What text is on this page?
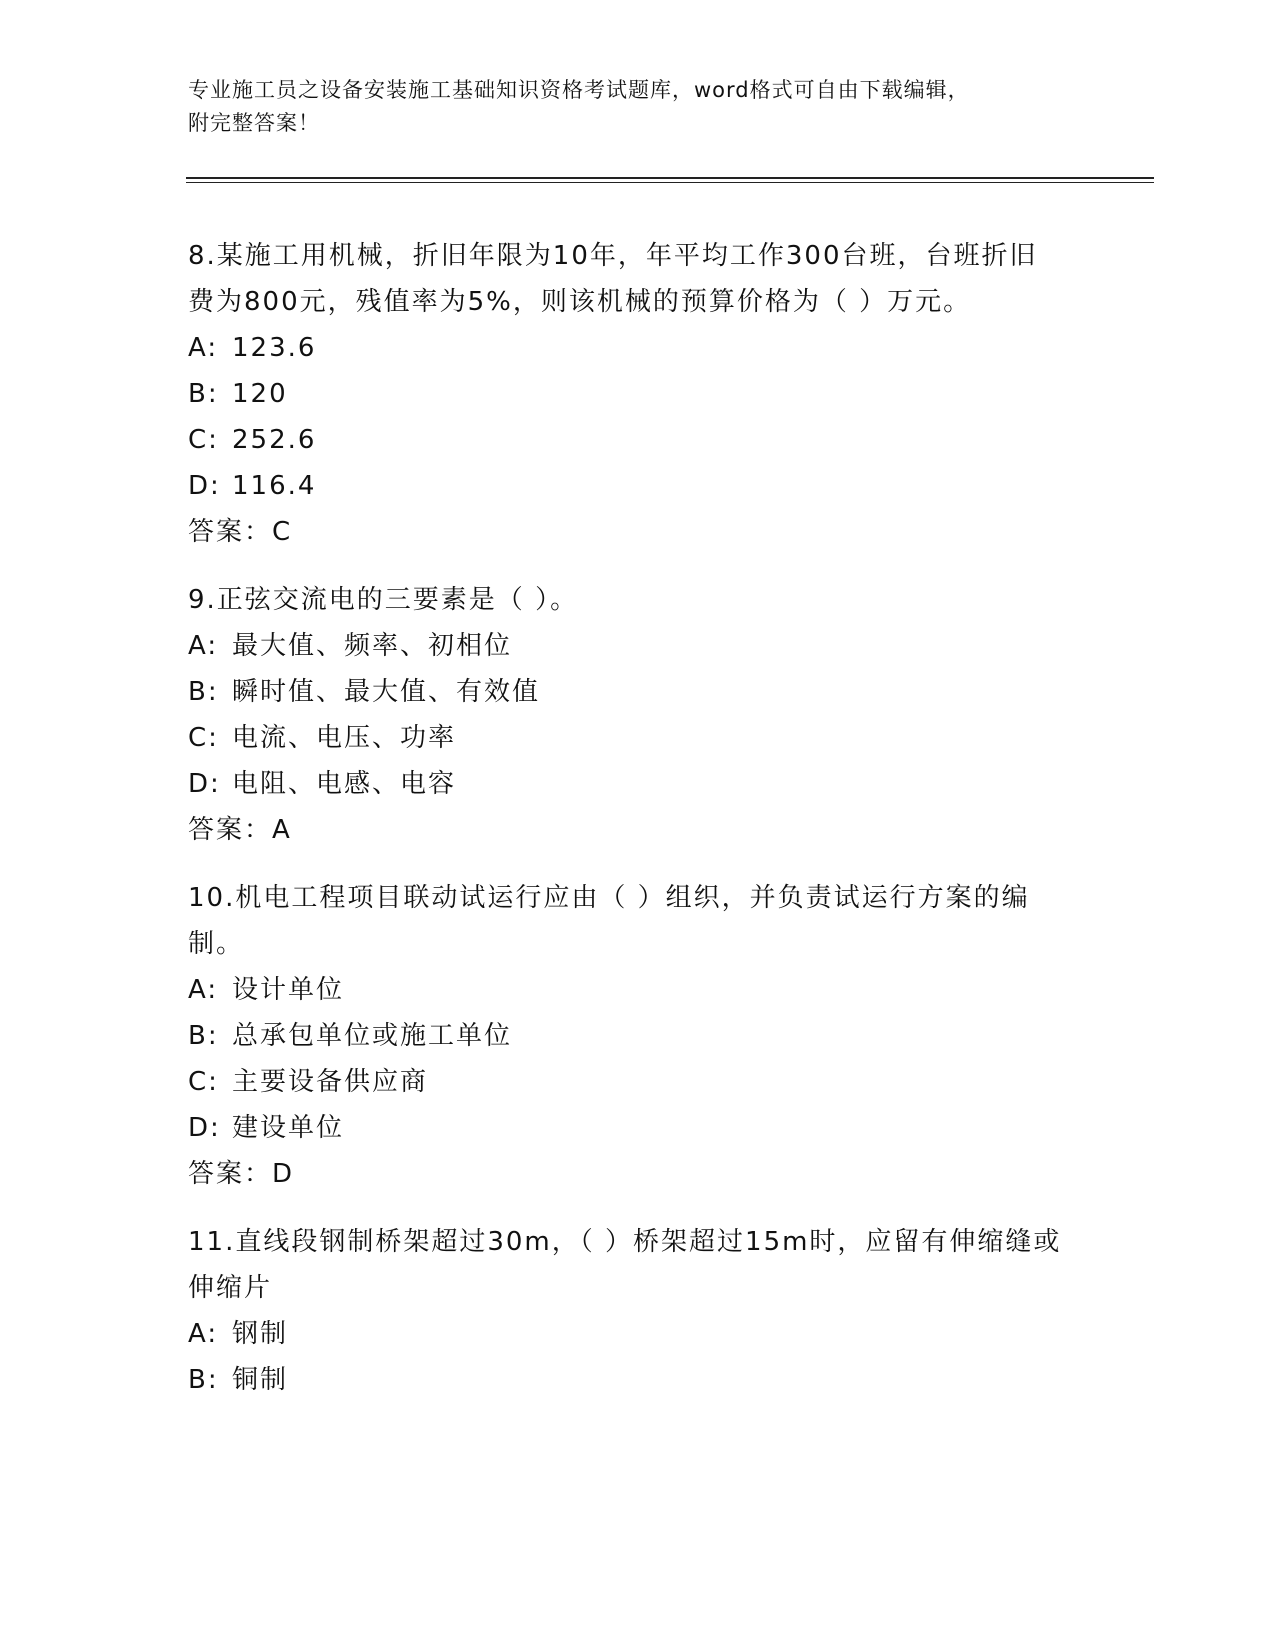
专业施工员之设备安装施工基础知识资格考试题库，word格式可自由下载编辑，
附完整答案！

8.某施工用机械，折旧年限为10年，年平均工作300台班，台班折旧

费为800元，残值率为5%，则该机械的预算价格为（ ）万元。

A: 123.6

B: 120

C: 252.6

D: 116.4

答案：C

9.正弦交流电的三要素是（ ）。

A: 最大值、频率、初相位

B: 瞬时值、最大值、有效值

C: 电流、电压、功率

D: 电阻、电感、电容

答案：A

10.机电工程项目联动试运行应由（ ）组织，并负责试运行方案的编

制。

A: 设计单位

B: 总承包单位或施工单位

C: 主要设备供应商

D: 建设单位

答案：D

11.直线段钢制桥架超过30m，（ ）桥架超过15m时，应留有伸缩缝或

伸缩片

A: 钢制

B: 铜制
